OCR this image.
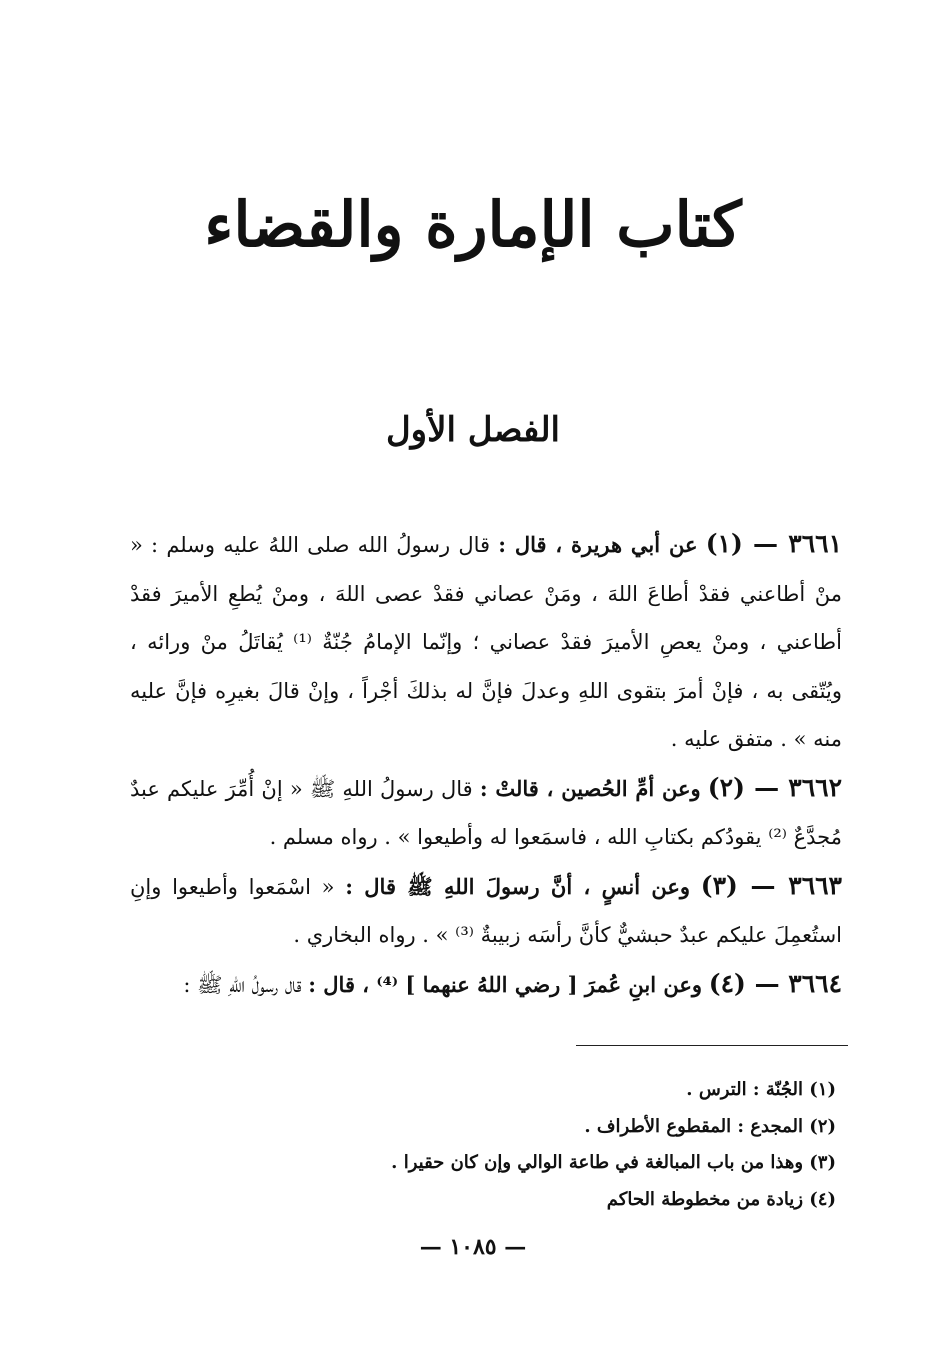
كتاب الإمارة والقضاء
الفصل الأول

٣٦٦١ — (١) عن أبي هريرة ، قال : قال رسولُ الله صلى اللهُ عليه وسلم : « منْ أطاعني فقدْ أطاعَ اللهَ ، ومَنْ عصاني فقدْ عصى اللهَ ، ومنْ يُطعِ الأميرَ فقدْ أطاعني ، ومنْ يعصِ الأميرَ فقدْ عصاني ؛ وإنّما الإمامُ جُنّةٌ ⁽¹⁾ يُقاتَلُ منْ ورائه ، ويُتّقى به ، فإنْ أمرَ بتقوى اللهِ وعدلَ فإنَّ له بذلكَ أجْراً ، وإنْ قالَ بغيرِه فإنَّ عليه منه » . متفق عليه .

٣٦٦٢ — (٢) وعن أمِّ الحُصين ، قالتْ : قال رسولُ اللهِ ﷺ « إنْ أُمِّرَ عليكم عبدٌ مُجدَّعٌ ⁽²⁾ يقودُكم بكتابِ الله ، فاسمَعوا له وأطيعوا » . رواه مسلم .

٣٦٦٣ — (٣) وعن أنسٍ ، أنَّ رسولَ اللهِ ﷺ قال : « اسْمَعوا وأطيعوا وإنِ استُعمِلَ عليكم عبدٌ حبشيٌّ كأنَّ رأسَه زبيبةٌ ⁽³⁾ » . رواه البخاري .

٣٦٦٤ — (٤) وعن ابنِ عُمرَ [ رضي اللهُ عنهما ] ⁽⁴⁾ ، قال : قال رسولُ اللهِ ﷺ :

(١) الجُنّة : الترس .

(٢) المجدع : المقطوع الأطراف .

(٣) وهذا من باب المبالغة في طاعة الوالي وإن كان حقيرا .

(٤) زيادة من مخطوطة الحاكم

— ١٠٨٥ —
